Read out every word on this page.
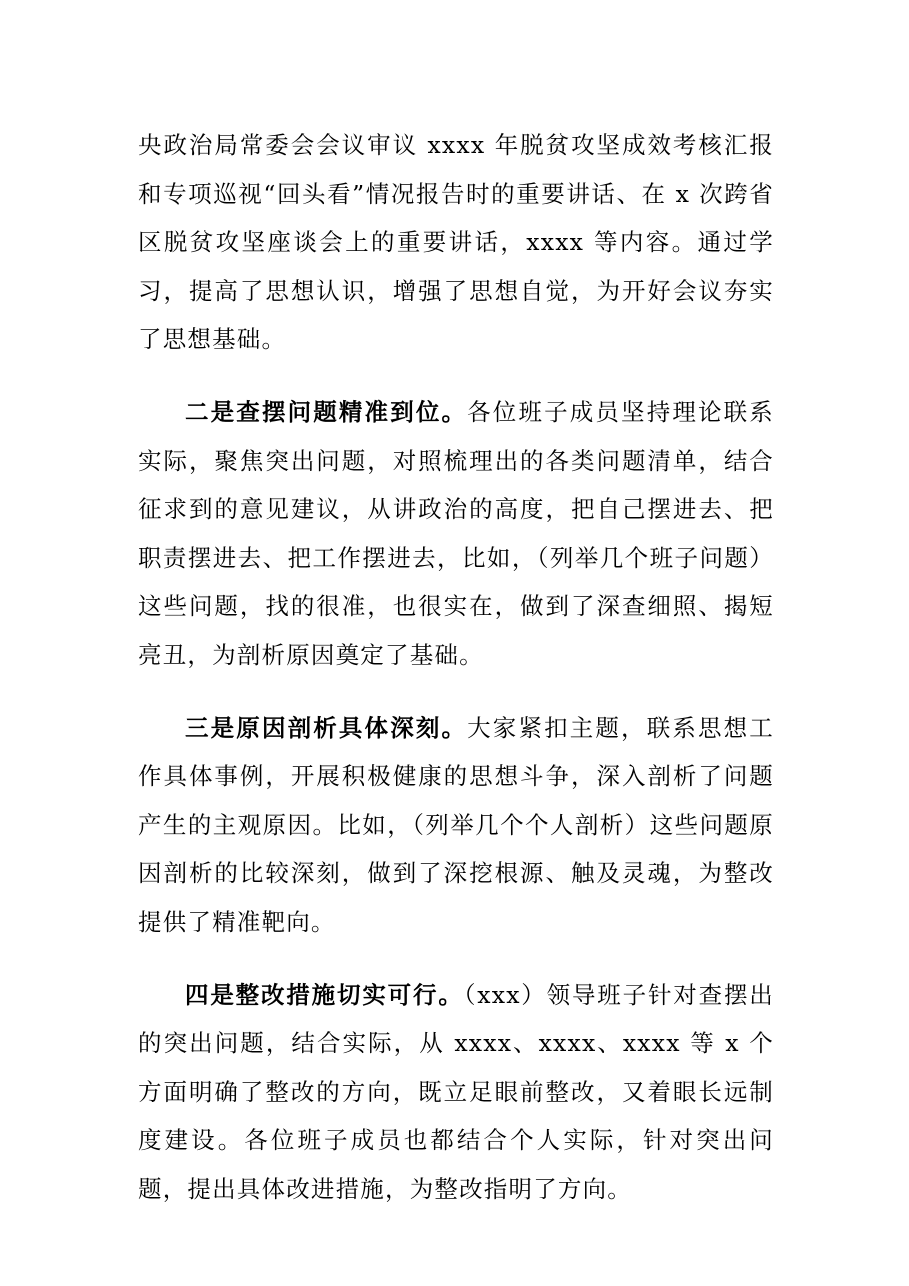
央政治局常委会会议审议 xxxx 年脱贫攻坚成效考核汇报和专项巡视“回头看”情况报告时的重要讲话、在 x 次跨省区脱贫攻坚座谈会上的重要讲话，xxxx 等内容。通过学习，提高了思想认识，增强了思想自觉，为开好会议夯实了思想基础。

二是查摆问题精准到位。各位班子成员坚持理论联系实际，聚焦突出问题，对照梳理出的各类问题清单，结合征求到的意见建议，从讲政治的高度，把自己摆进去、把职责摆进去、把工作摆进去，比如，（列举几个班子问题）这些问题，找的很准，也很实在，做到了深查细照、揭短亮丑，为剖析原因奠定了基础。

三是原因剖析具体深刻。大家紧扣主题，联系思想工作具体事例，开展积极健康的思想斗争，深入剖析了问题产生的主观原因。比如，（列举几个个人剖析）这些问题原因剖析的比较深刻，做到了深挖根源、触及灵魂，为整改提供了精准靶向。

四是整改措施切实可行。（xxx）领导班子针对查摆出的突出问题，结合实际，从 xxxx、xxxx、xxxx 等 x 个方面明确了整改的方向，既立足眼前整改，又着眼长远制度建设。各位班子成员也都结合个人实际，针对突出问题，提出具体改进措施，为整改指明了方向。
